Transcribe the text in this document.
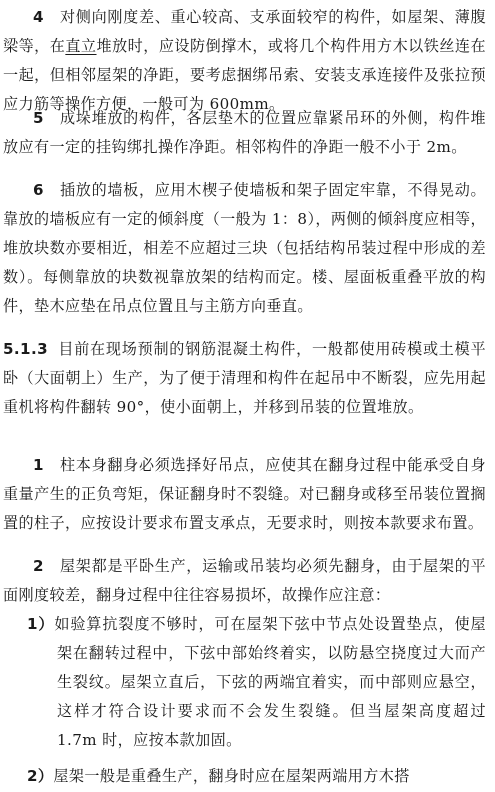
4　 对侧向刚度差、重心较高、支承面较窄的构件，如屋架、薄腹梁等，在直立堆放时，应设防倒撑木，或将几个构件用方木以铁丝连在一起，但相邻屋架的净距，要考虑捆绑吊索、安装支承连接件及张拉预应力筋等操作方便，一般可为 600mm。

5　 成垛堆放的构件，各层垫木的位置应靠紧吊环的外侧，构件堆放应有一定的挂钩绑扎操作净距。相邻构件的净距一般不小于 2m。

6　 插放的墙板，应用木楔子使墙板和架子固定牢靠，不得晃动。靠放的墙板应有一定的倾斜度（一般为 1：8），两侧的倾斜度应相等，堆放块数亦要相近，相差不应超过三块（包括结构吊装过程中形成的差数）。每侧靠放的块数视靠放架的结构而定。楼、屋面板重叠平放的构件，垫木应垫在吊点位置且与主筋方向垂直。

5.1.3 目前在现场预制的钢筋混凝土构件，一般都使用砖模或土模平卧（大面朝上）生产，为了便于清理和构件在起吊中不断裂，应先用起重机将构件翻转 90°，使小面朝上，并移到吊装的位置堆放。

1　 柱本身翻身必须选择好吊点，应使其在翻身过程中能承受自身重量产生的正负弯矩，保证翻身时不裂缝。对已翻身或移至吊装位置搁置的柱子，应按设计要求布置支承点，无要求时，则按本款要求布置。

2　 屋架都是平卧生产，运输或吊装均必须先翻身，由于屋架的平面刚度较差，翻身过程中往往容易损坏，故操作应注意：

1）如验算抗裂度不够时，可在屋架下弦中节点处设置垫点，使屋架在翻转过程中，下弦中部始终着实，以防悬空挠度过大而产生裂纹。屋架立直后，下弦的两端宜着实，而中部则应悬空，这样才符合设计要求而不会发生裂缝。但当屋架高度超过 1.7m 时，应按本款加固。

2）屋架一般是重叠生产，翻身时应在屋架两端用方木搭
